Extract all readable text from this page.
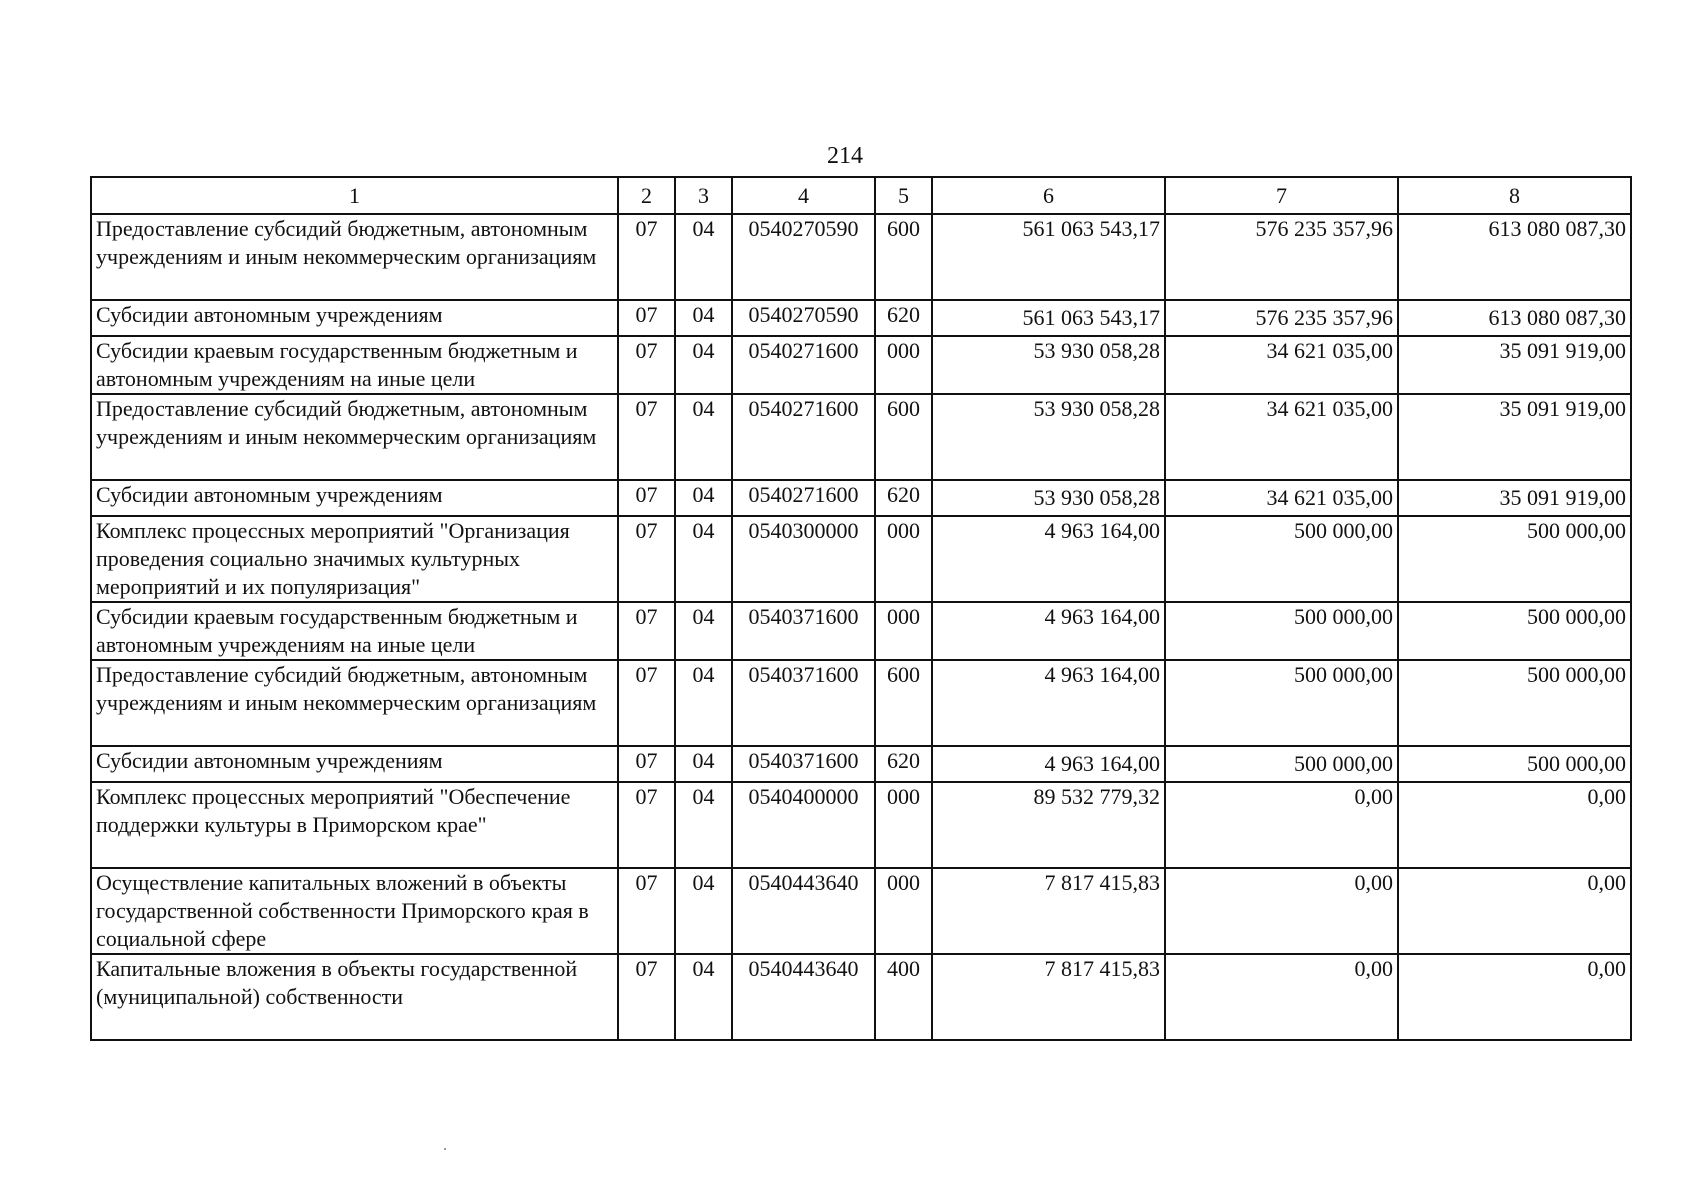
214
1	2	3	4	5	6	7	8
Предоставление субсидий бюджетным, автономным учреждениям и иным некоммерческим организациям	07	04	0540270590	600	561 063 543,17	576 235 357,96	613 080 087,30
Субсидии автономным учреждениям	07	04	0540270590	620	561 063 543,17	576 235 357,96	613 080 087,30
Субсидии краевым государственным бюджетным и автономным учреждениям на иные цели	07	04	0540271600	000	53 930 058,28	34 621 035,00	35 091 919,00
Предоставление субсидий бюджетным, автономным учреждениям и иным некоммерческим организациям	07	04	0540271600	600	53 930 058,28	34 621 035,00	35 091 919,00
Субсидии автономным учреждениям	07	04	0540271600	620	53 930 058,28	34 621 035,00	35 091 919,00
Комплекс процессных мероприятий "Организация проведения социально значимых культурных мероприятий и их популяризация"	07	04	0540300000	000	4 963 164,00	500 000,00	500 000,00
Субсидии краевым государственным бюджетным и автономным учреждениям на иные цели	07	04	0540371600	000	4 963 164,00	500 000,00	500 000,00
Предоставление субсидий бюджетным, автономным учреждениям и иным некоммерческим организациям	07	04	0540371600	600	4 963 164,00	500 000,00	500 000,00
Субсидии автономным учреждениям	07	04	0540371600	620	4 963 164,00	500 000,00	500 000,00
Комплекс процессных мероприятий "Обеспечение поддержки культуры в Приморском крае"	07	04	0540400000	000	89 532 779,32	0,00	0,00
Осуществление капитальных вложений в объекты государственной собственности Приморского края в социальной сфере	07	04	0540443640	000	7 817 415,83	0,00	0,00
Капитальные вложения в объекты государственной (муниципальной) собственности	07	04	0540443640	400	7 817 415,83	0,00	0,00
